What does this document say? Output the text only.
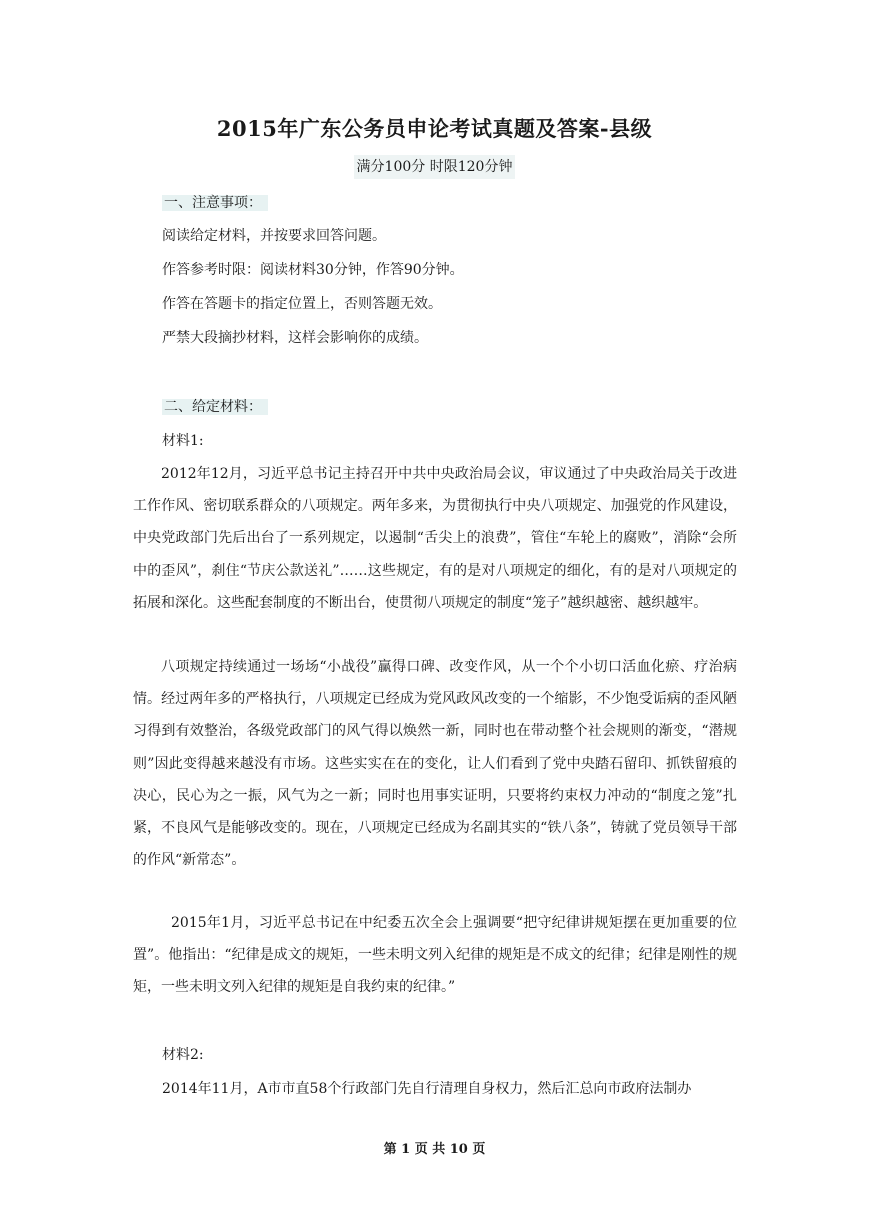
2015年广东公务员申论考试真题及答案-县级
满分100分 时限120分钟
一、注意事项：
阅读给定材料，并按要求回答问题。
作答参考时限：阅读材料30分钟，作答90分钟。
作答在答题卡的指定位置上，否则答题无效。
严禁大段摘抄材料，这样会影响你的成绩。
二、给定材料：
材料1:

2012年12月，习近平总书记主持召开中共中央政治局会议，审议通过了中央政治局关于改进工作作风、密切联系群众的八项规定。两年多来，为贯彻执行中央八项规定、加强党的作风建设，中央党政部门先后出台了一系列规定，以遏制“舌尖上的浪费”，管住“车轮上的腐败”，消除“会所中的歪风”，刹住“节庆公款送礼”……这些规定，有的是对八项规定的细化，有的是对八项规定的拓展和深化。这些配套制度的不断出台，使贯彻八项规定的制度“笼子”越织越密、越织越牢。

八项规定持续通过一场场“小战役”赢得口碑、改变作风，从一个个小切口活血化瘀、疗治病情。经过两年多的严格执行，八项规定已经成为党风政风改变的一个缩影，不少饱受诟病的歪风陋习得到有效整治，各级党政部门的风气得以焕然一新，同时也在带动整个社会规则的渐变，“潜规则”因此变得越来越没有市场。这些实实在在的变化，让人们看到了党中央踏石留印、抓铁留痕的决心，民心为之一振，风气为之一新；同时也用事实证明，只要将约束权力冲动的“制度之笼”扎紧，不良风气是能够改变的。现在，八项规定已经成为名副其实的“铁八条”，铸就了党员领导干部的作风“新常态”。

2015年1月，习近平总书记在中纪委五次全会上强调要“把守纪律讲规矩摆在更加重要的位置”。他指出：“纪律是成文的规矩，一些未明文列入纪律的规矩是不成文的纪律；纪律是刚性的规矩，一些未明文列入纪律的规矩是自我约束的纪律。”

材料2:
2014年11月，A市市直58个行政部门先自行清理自身权力，然后汇总向市政府法制办
第 1 页 共 10 页
